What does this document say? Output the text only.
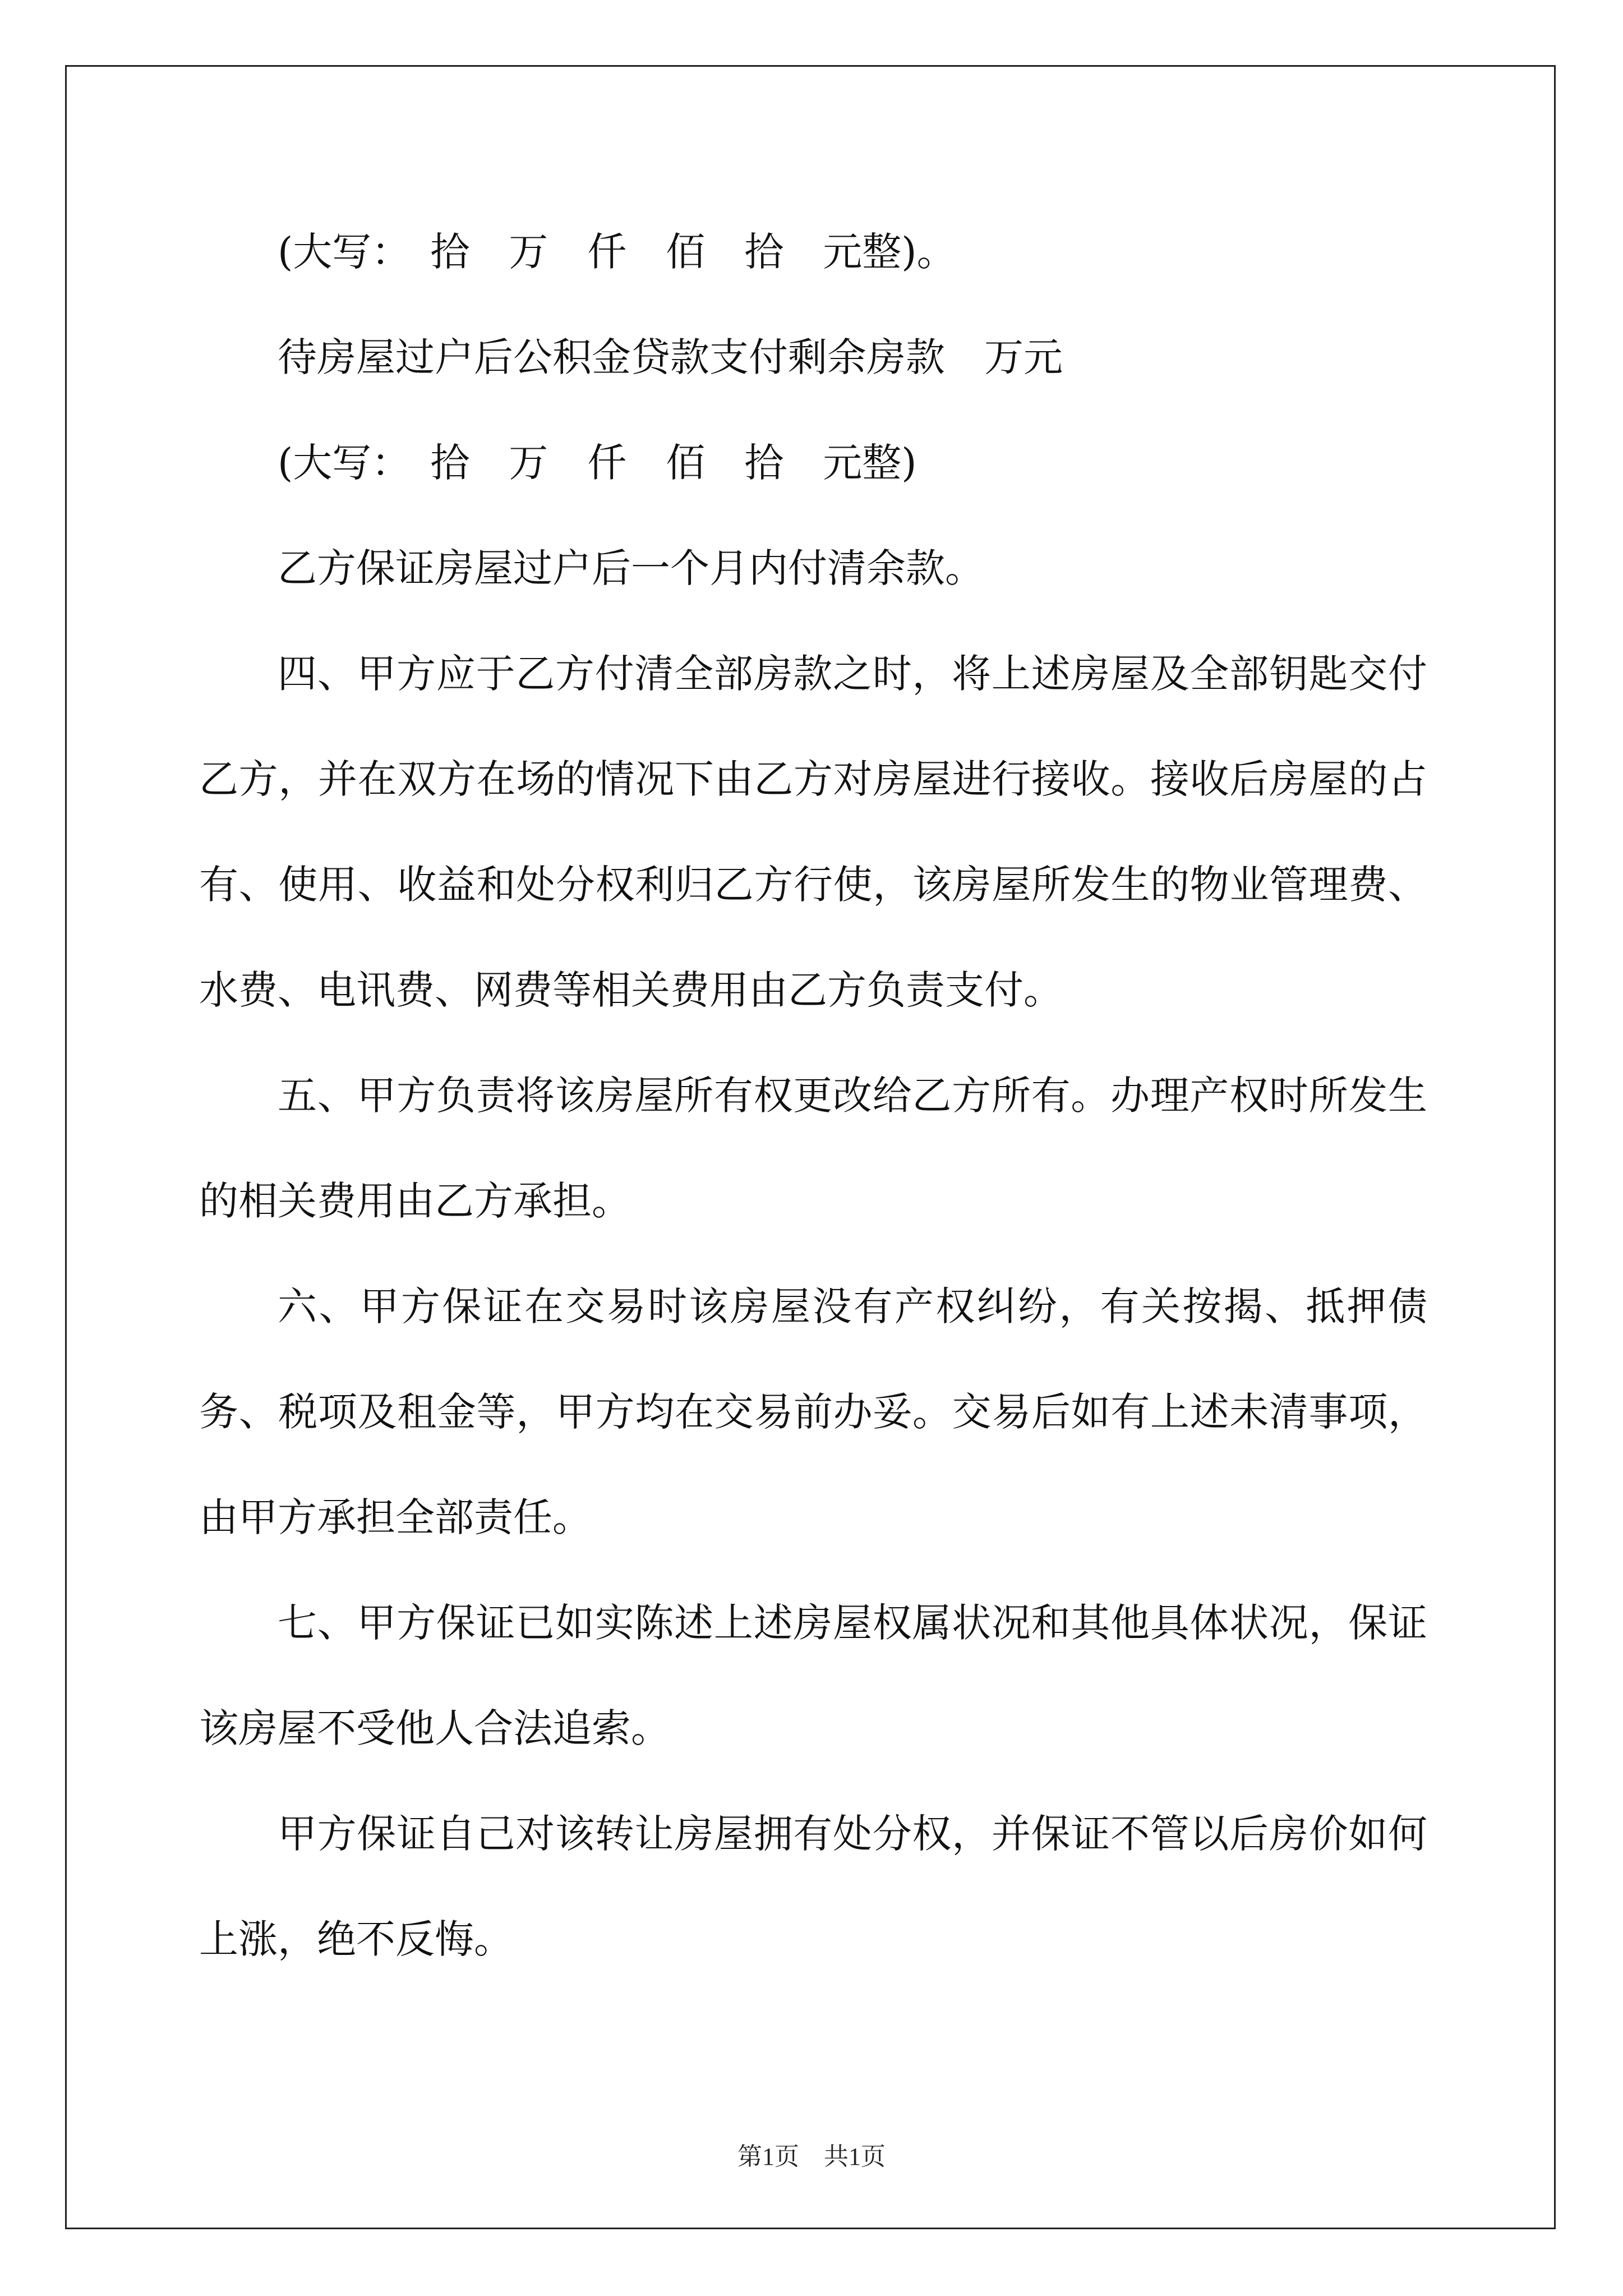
(大写：　拾　万　仟　佰　拾　元整)。

待房屋过户后公积金贷款支付剩余房款　万元

(大写：　拾　万　仟　佰　拾　元整)

乙方保证房屋过户后一个月内付清余款。

四、甲方应于乙方付清全部房款之时，将上述房屋及全部钥匙交付乙方，并在双方在场的情况下由乙方对房屋进行接收。接收后房屋的占有、使用、收益和处分权利归乙方行使，该房屋所发生的物业管理费、水费、电讯费、网费等相关费用由乙方负责支付。

五、甲方负责将该房屋所有权更改给乙方所有。办理产权时所发生的相关费用由乙方承担。

六、甲方保证在交易时该房屋没有产权纠纷，有关按揭、抵押债务、税项及租金等，甲方均在交易前办妥。交易后如有上述未清事项，由甲方承担全部责任。

七、甲方保证已如实陈述上述房屋权属状况和其他具体状况，保证该房屋不受他人合法追索。

甲方保证自己对该转让房屋拥有处分权，并保证不管以后房价如何上涨，绝不反悔。

第1页　共1页
